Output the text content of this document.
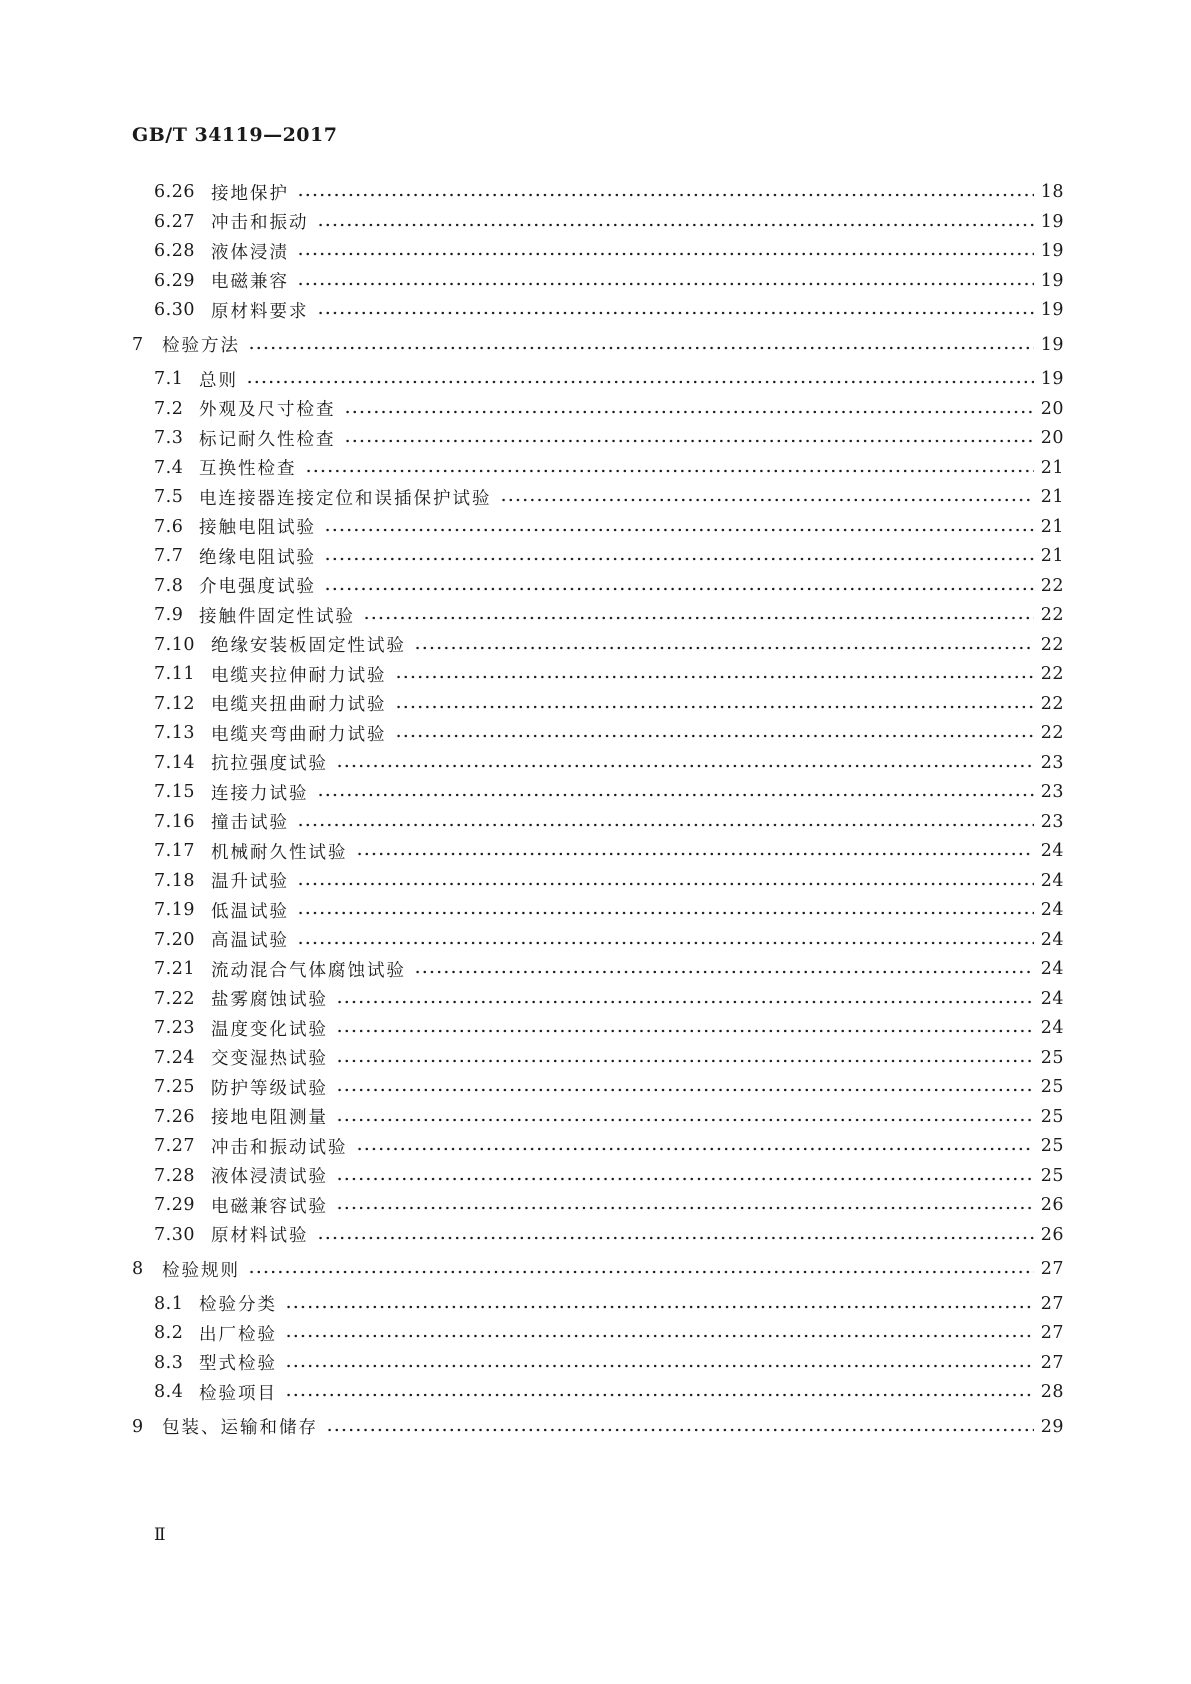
GB/T 34119—2017
6.26 接地保护	18
6.27 冲击和振动	19
6.28 液体浸渍	19
6.29 电磁兼容	19
6.30 原材料要求	19
7	检验方法	19
7.1 总则	19
7.2 外观及尺寸检查	20
7.3 标记耐久性检查	20
7.4 互换性检查	21
7.5 电连接器连接定位和误插保护试验	21
7.6 接触电阻试验	21
7.7 绝缘电阻试验	21
7.8 介电强度试验	22
7.9 接触件固定性试验	22
7.10 绝缘安装板固定性试验	22
7.11 电缆夹拉伸耐力试验	22
7.12 电缆夹扭曲耐力试验	22
7.13 电缆夹弯曲耐力试验	22
7.14 抗拉强度试验	23
7.15 连接力试验	23
7.16 撞击试验	23
7.17 机械耐久性试验	24
7.18 温升试验	24
7.19 低温试验	24
7.20 高温试验	24
7.21 流动混合气体腐蚀试验	24
7.22 盐雾腐蚀试验	24
7.23 温度变化试验	24
7.24 交变湿热试验	25
7.25 防护等级试验	25
7.26 接地电阻测量	25
7.27 冲击和振动试验	25
7.28 液体浸渍试验	25
7.29 电磁兼容试验	26
7.30 原材料试验	26
8	检验规则	27
8.1 检验分类	27
8.2 出厂检验	27
8.3 型式检验	27
8.4 检验项目	28
9	包装、运输和储存	29
Ⅱ
